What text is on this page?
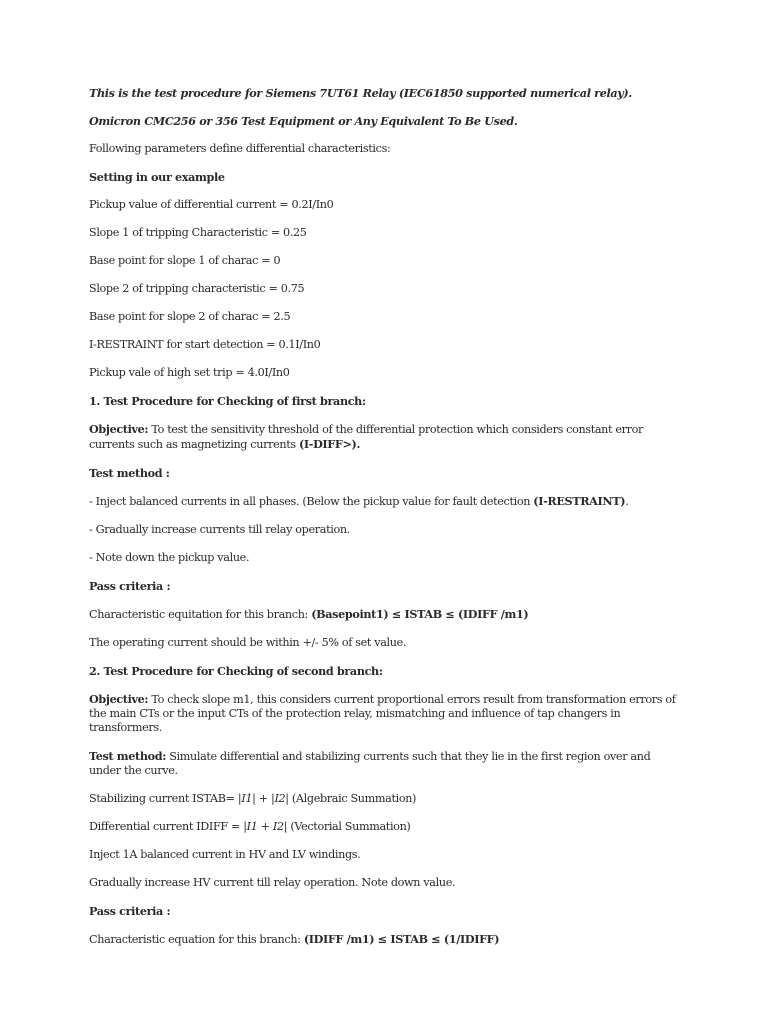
This is the test procedure for Siemens 7UT61 Relay (IEC61850 supported numerical relay).

Omicron CMC256 or 356 Test Equipment or Any Equivalent To Be Used.

Following parameters define differential characteristics:

Setting in our example

Pickup value of differential current = 0.2I/In0

Slope 1 of tripping Characteristic = 0.25

Base point for slope 1 of charac = 0

Slope 2 of tripping characteristic = 0.75

Base point for slope 2 of charac = 2.5

I-RESTRAINT for start detection = 0.1I/In0

Pickup vale of high set trip = 4.0I/In0

1. Test Procedure for Checking of first branch:

Objective: To test the sensitivity threshold of the differential protection which considers constant error currents such as magnetizing currents (I-DIFF>).

Test method :

- Inject balanced currents in all phases. (Below the pickup value for fault detection (I-RESTRAINT).

- Gradually increase currents till relay operation.

- Note down the pickup value.

Pass criteria :

Characteristic equitation for this branch: (Basepoint1) ≤ ISTAB ≤ (IDIFF /m1)

The operating current should be within +/- 5% of set value.

2. Test Procedure for Checking of second branch:

Objective: To check slope m1, this considers current proportional errors result from transformation errors of the main CTs or the input CTs of the protection relay, mismatching and influence of tap changers in transformers.

Test method: Simulate differential and stabilizing currents such that they lie in the first region over and under the curve.

Stabilizing current ISTAB= |I1| + |I2| (Algebraic Summation)

Differential current IDIFF = |I1 + I2| (Vectorial Summation)

Inject 1A balanced current in HV and LV windings.

Gradually increase HV current till relay operation. Note down value.

Pass criteria :

Characteristic equation for this branch: (IDIFF /m1) ≤ ISTAB ≤ (1/IDIFF)
